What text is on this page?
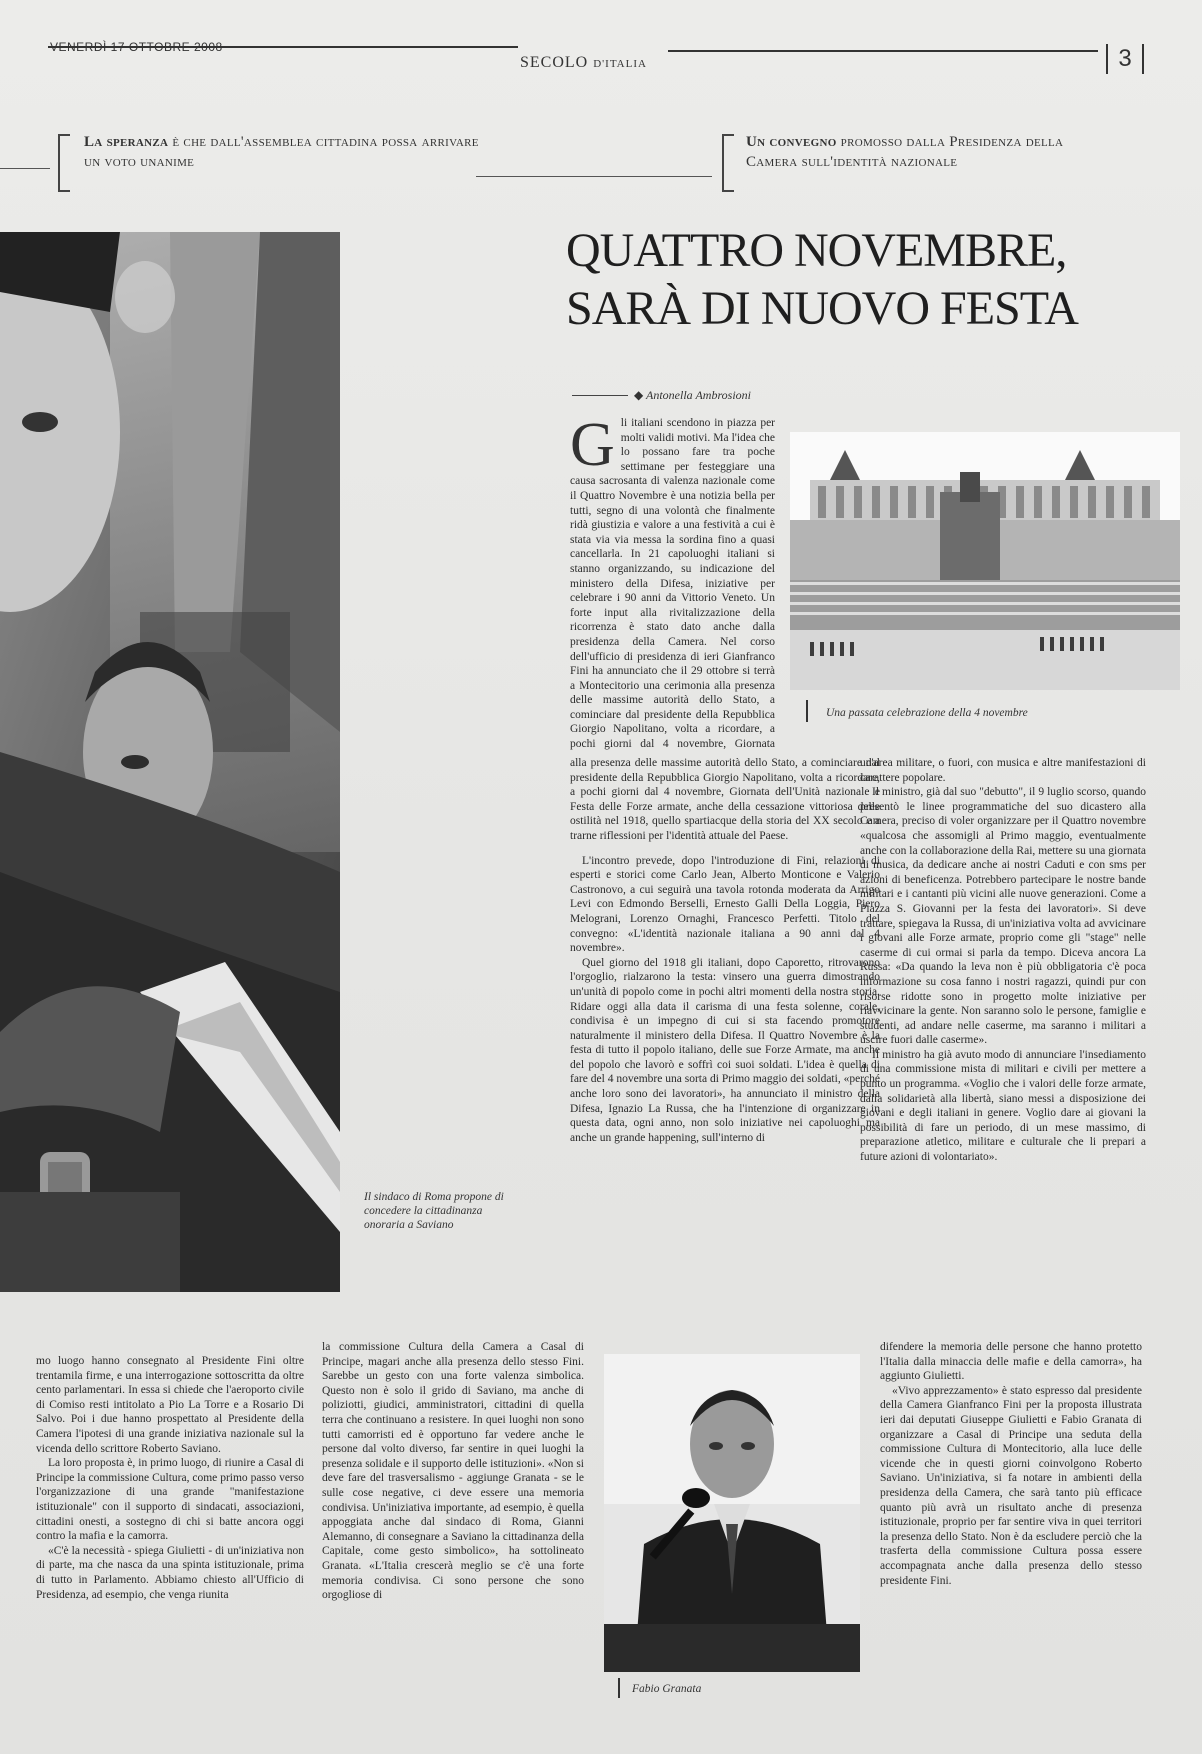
VENERDÌ 17 OTTOBRE 2008
SECOLO D'ITALIA	3
La speranza è che dall'assemblea cittadina possa arrivare un voto unanime
Un convegno promosso dalla Presidenza della Camera sull'identità nazionale
Il sindaco di Roma propone di concedere la cittadinanza onoraria a Saviano
QUATTRO NOVEMBRE,
SARÀ DI NUOVO FESTA
◆ Antonella Ambrosioni
Una passata celebrazione della 4 novembre
Gli italiani scendono in piazza per molti validi motivi. Ma l'idea che lo possano fare tra poche settimane per festeggiare una causa sacrosanta di valenza nazionale come il Quattro Novembre è una notizia bella per tutti, segno di una volontà che finalmente ridà giustizia e valore a una festività a cui è stata via via messa la sordina fino a quasi cancellarla. In 21 capoluoghi italiani si stanno organizzando, su indicazione del ministero della Difesa, iniziative per celebrare i 90 anni da Vittorio Veneto. Un forte input alla rivitalizzazione della ricorrenza è stato dato anche dalla presidenza della Camera. Nel corso dell'ufficio di presidenza di ieri Gianfranco Fini ha annunciato che il 29 ottobre si terrà a Montecitorio una cerimonia alla presenza delle massime autorità dello Stato, a cominciare dal presidente della Repubblica Giorgio Napolitano, volta a ricordare, a pochi giorni dal 4 novembre, Giornata

alla presenza delle massime autorità dello Stato, a cominciare dal presidente della Repubblica Giorgio Napolitano, volta a ricordare, a pochi giorni dal 4 novembre, Giornata dell'Unità nazionale e Festa delle Forze armate, anche della cessazione vittoriosa delle ostilità nel 1918, quello spartiacque della storia del XX secolo e a trarne riflessioni per l'identità attuale del Paese.

L'incontro prevede, dopo l'introduzione di Fini, relazioni di esperti e storici come Carlo Jean, Alberto Monticone e Valerio Castronovo, a cui seguirà una tavola rotonda moderata da Arrigo Levi con Edmondo Berselli, Ernesto Galli Della Loggia, Piero Melograni, Lorenzo Ornaghi, Francesco Perfetti. Titolo del convegno: «L'identità nazionale italiana a 90 anni dal 4 novembre».

Quel giorno del 1918 gli italiani, dopo Caporetto, ritrovarono l'orgoglio, rialzarono la testa: vinsero una guerra dimostrando un'unità di popolo come in pochi altri momenti della nostra storia. Ridare oggi alla data il carisma di una festa solenne, corale, condivisa è un impegno di cui si sta facendo promotore naturalmente il ministero della Difesa. Il Quattro Novembre è la festa di tutto il popolo italiano, delle sue Forze Armate, ma anche del popolo che lavorò e soffrì coi suoi soldati. L'idea è quella di fare del 4 novembre una sorta di Primo maggio dei soldati, «perché anche loro sono dei lavoratori», ha annunciato il ministro della Difesa, Ignazio La Russa, che ha l'intenzione di organizzare in questa data, ogni anno, non solo iniziative nei capoluoghi ma anche un grande happening, sull'interno di

un'area militare, o fuori, con musica e altre manifestazioni di carattere popolare.

Il ministro, già dal suo "debutto", il 9 luglio scorso, quando presentò le linee programmatiche del suo dicastero alla Camera, preciso di voler organizzare per il Quattro novembre «qualcosa che assomigli al Primo maggio, eventualmente anche con la collaborazione della Rai, mettere su una giornata di musica, da dedicare anche ai nostri Caduti e con sms per azioni di beneficenza. Potrebbero partecipare le nostre bande militari e i cantanti più vicini alle nuove generazioni. Come a Piazza S. Giovanni per la festa dei lavoratori». Si deve trattare, spiegava la Russa, di un'iniziativa volta ad avvicinare i giovani alle Forze armate, proprio come gli "stage" nelle caserme di cui ormai si parla da tempo. Diceva ancora La Russa: «Da quando la leva non è più obbligatoria c'è poca informazione su cosa fanno i nostri ragazzi, quindi pur con risorse ridotte sono in progetto molte iniziative per riavvicinare la gente. Non saranno solo le persone, famiglie e studenti, ad andare nelle caserme, ma saranno i militari a uscire fuori dalle caserme».

Il ministro ha già avuto modo di annunciare l'insediamento di una commissione mista di militari e civili per mettere a punto un programma. «Voglio che i valori delle forze armate, dalla solidarietà alla libertà, siano messi a disposizione dei giovani e degli italiani in genere. Voglio dare ai giovani la possibilità di fare un periodo, di un mese massimo, di preparazione atletico, militare e culturale che li prepari a future azioni di volontariato».

mo luogo hanno consegnato al Presidente Fini oltre trentamila firme, e una interrogazione sottoscritta da oltre cento parlamentari. In essa si chiede che l'aeroporto civile di Comiso resti intitolato a Pio La Torre e a Rosario Di Salvo. Poi i due hanno prospettato al Presidente della Camera l'ipotesi di una grande iniziativa nazionale sul la vicenda dello scrittore Roberto Saviano.

La loro proposta è, in primo luogo, di riunire a Casal di Principe la commissione Cultura, come primo passo verso l'organizzazione di una grande "manifestazione istituzionale" con il supporto di sindacati, associazioni, cittadini onesti, a sostegno di chi si batte ancora oggi contro la mafia e la camorra.

«C'è la necessità - spiega Giulietti - di un'iniziativa non di parte, ma che nasca da una spinta istituzionale, prima di tutto in Parlamento. Abbiamo chiesto all'Ufficio di Presidenza, ad esempio, che venga riunita

la commissione Cultura della Camera a Casal di Principe, magari anche alla presenza dello stesso Fini. Sarebbe un gesto con una forte valenza simbolica. Questo non è solo il grido di Saviano, ma anche di poliziotti, giudici, amministratori, cittadini di quella terra che continuano a resistere. In quei luoghi non sono tutti camorristi ed è opportuno far vedere anche le persone dal volto diverso, far sentire in quei luoghi la presenza solidale e il supporto delle istituzioni». «Non si deve fare del trasversalismo - aggiunge Granata - se le sulle cose negative, ci deve essere una memoria condivisa. Un'iniziativa importante, ad esempio, è quella appoggiata anche dal sindaco di Roma, Gianni Alemanno, di consegnare a Saviano la cittadinanza della Capitale, come gesto simbolico», ha sottolineato Granata. «L'Italia crescerà meglio se c'è una forte memoria condivisa. Ci sono persone che sono orgogliose di

Fabio Granata

difendere la memoria delle persone che hanno protetto l'Italia dalla minaccia delle mafie e della camorra», ha aggiunto Giulietti.

«Vivo apprezzamento» è stato espresso dal presidente della Camera Gianfranco Fini per la proposta illustrata ieri dai deputati Giuseppe Giulietti e Fabio Granata di organizzare a Casal di Principe una seduta della commissione Cultura di Montecitorio, alla luce delle vicende che in questi giorni coinvolgono Roberto Saviano. Un'iniziativa, si fa notare in ambienti della presidenza della Camera, che sarà tanto più efficace quanto più avrà un risultato anche di presenza istituzionale, proprio per far sentire viva in quei territori la presenza dello Stato. Non è da escludere perciò che la trasferta della commissione Cultura possa essere accompagnata anche dalla presenza dello stesso presidente Fini.
